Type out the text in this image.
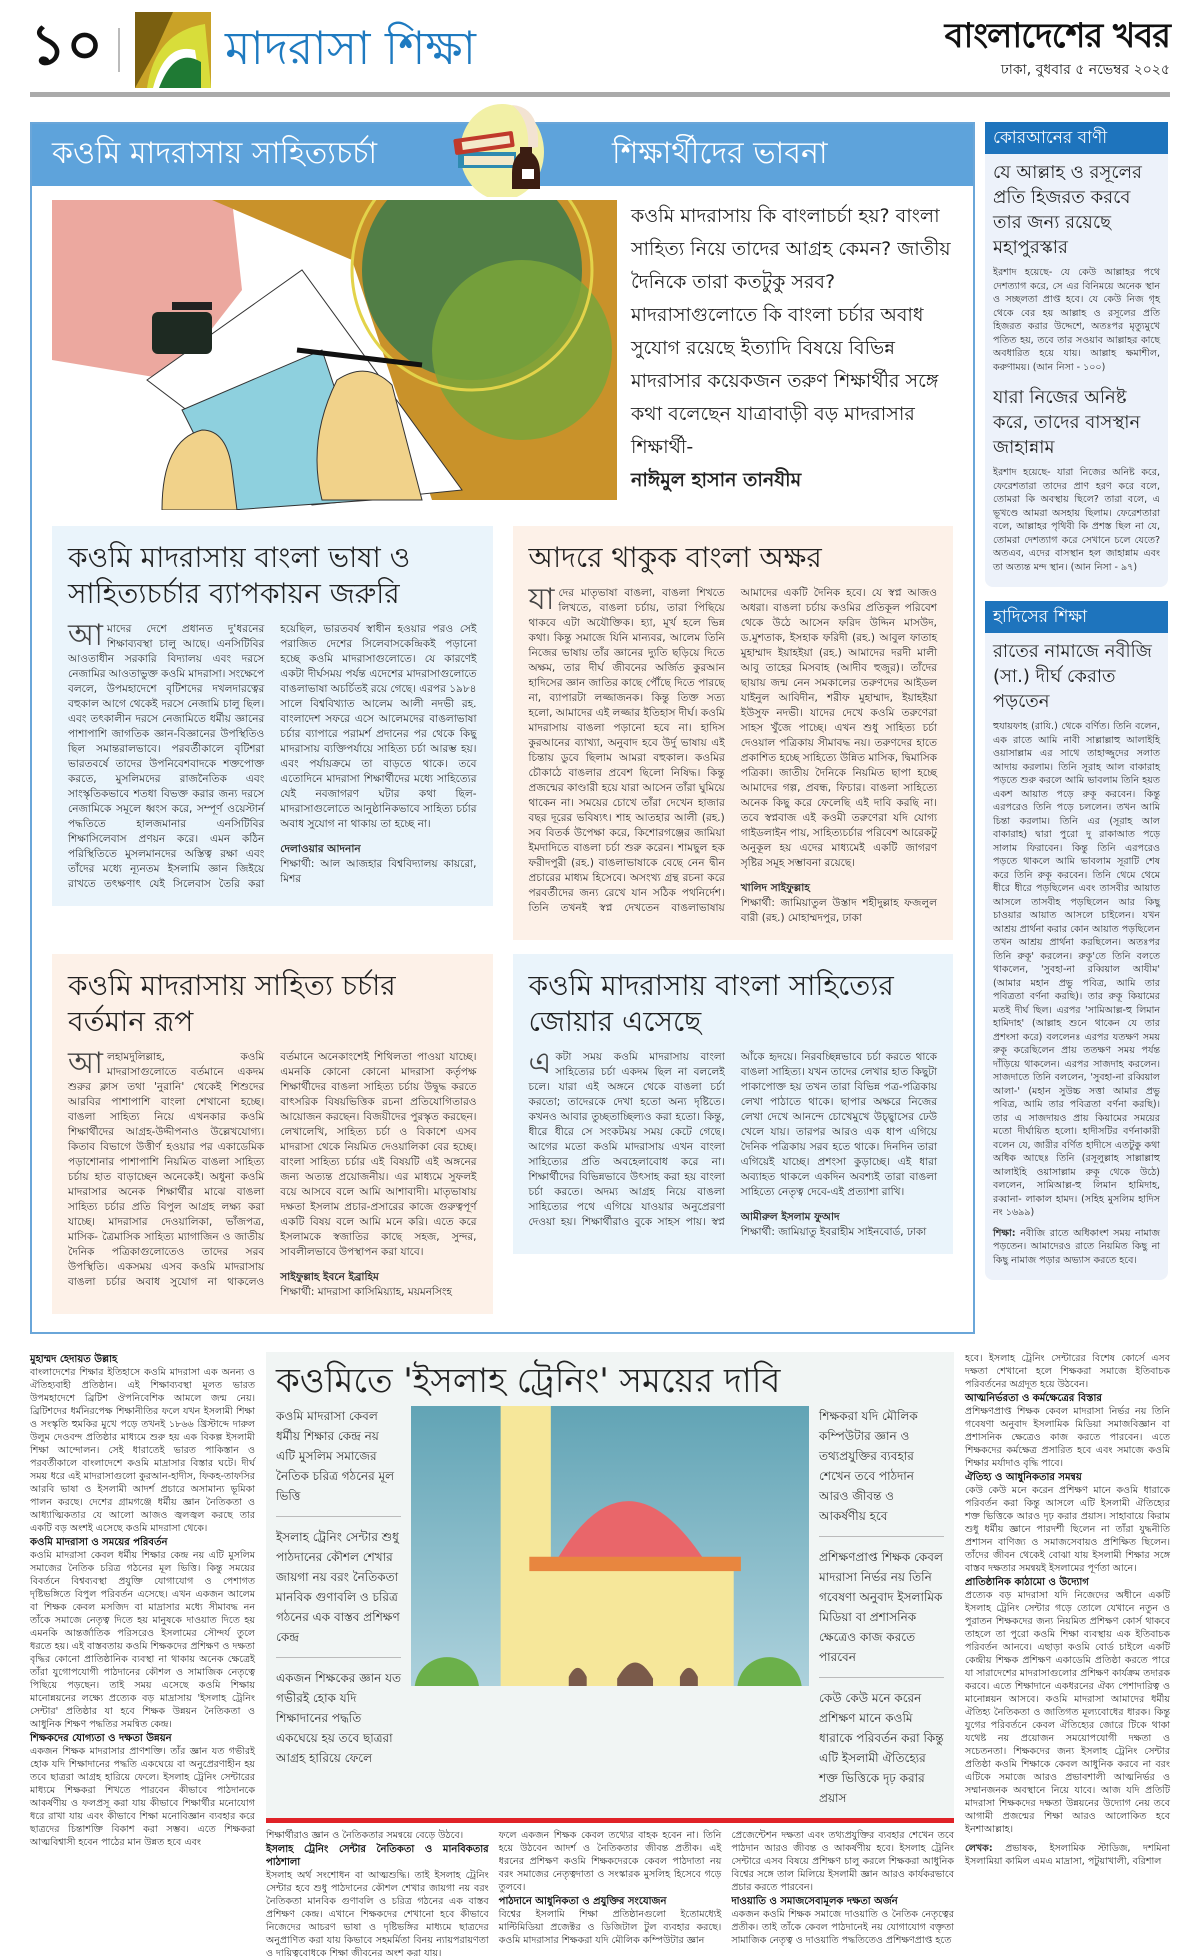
১০	মাদরাসা শিক্ষা	বাংলাদেশের খবর
ঢাকা, বুধবার ৫ নভেম্বর ২০২৫
কওমি মাদরাসায় সাহিত্যচর্চা	শিক্ষার্থীদের ভাবনা
কওমি মাদরাসায় কি বাংলাচর্চা হয়? বাংলা সাহিত্য নিয়ে তাদের আগ্রহ কেমন? জাতীয় দৈনিকে তারা কতটুকু সরব? মাদরাসাগুলোতে কি বাংলা চর্চার অবাধ সুযোগ রয়েছে ইত্যাদি বিষয়ে বিভিন্ন মাদরাসার কয়েকজন তরুণ শিক্ষার্থীর সঙ্গে কথা বলেছেন যাত্রাবাড়ী বড় মাদরাসার শিক্ষার্থী-
নাঈমুল হাসান তানযীম
কওমি মাদরাসায় বাংলা ভাষা ও সাহিত্যচর্চার ব্যাপকায়ন জরুরি
আমাদের দেশে প্রধানত দু'ধরনের শিক্ষাব্যবস্থা চালু আছে। এনসিটিবির আওতাধীন সরকারি বিদ্যালয় এবং দরসে নেজামির আওতাভুক্ত কওমি মাদরাসা। সংক্ষেপে বললে, উপমহাদেশে বৃটিশদের দখলদারত্বের বহুকাল আগে থেকেই দরসে নেজামি চালু ছিল। এবং তৎকালীন দরসে নেজামিতে ধর্মীয় জ্ঞানের পাশাপাশি জাগতিক জ্ঞান-বিজ্ঞানের উপস্থিতিও ছিল সমান্তরালভাবে। পরবর্তীকালে বৃটিশরা ভারতবর্ষে তাদের উপনিবেশবাদকে শক্তপোক্ত করতে, মুসলিমদের রাজনৈতিক এবং সাংস্কৃতিকভাবে শতধা বিভক্ত করার জন্য দরসে নেজামিকে সমূলে ধ্বংস করে, সম্পূর্ণ ওয়েস্টার্ন পদ্ধতিতে হালজমানার এনসিটিবির শিক্ষাসিলেবাস প্রণয়ন করে। এমন কঠিন পরিস্থিতিতে মুসলমানদের অস্তিত্ব রক্ষা এবং তাঁদের মধ্যে ন্যূনতম ইসলামি জ্ঞান জিইয়ে রাখতে তৎক্ষণাৎ যেই সিলেবাস তৈরি করা হয়েছিল, ভারতবর্ষ স্বাধীন হওয়ার পরও সেই পরাজিত দেশের সিলেবাসকেন্দ্রিকই পড়ানো হচ্ছে কওমি মাদরাসাগুলোতে। যে কারণেই একটা দীর্ঘসময় পর্যন্ত এদেশের মাদরাসাগুলোতে বাঙলাভাষা অচর্চিতই রয়ে গেছে। এরপর ১৯৮৪ সালে বিশ্ববিখ্যাত আলেম আলী নদভী রহ. বাংলাদেশ সফরে এসে আলেমদের বাঙলাভাষা চর্চার ব্যাপারে পরামর্শ প্রদানের পর থেকে কিছু মাদরাসায় ব্যক্তিপর্যায়ে সাহিত্য চর্চা আরম্ভ হয়। এবং পর্যায়ক্রমে তা বাড়তে থাকে। তবে এতোদিনে মাদরাসা শিক্ষার্থীদের মধ্যে সাহিত্যের যেই নবজাগরণ ঘটার কথা ছিল- মাদরাসাগুলোতে আনুষ্ঠানিকভাবে সাহিত্য চর্চার অবাধ সুযোগ না থাকায় তা হচ্ছে না।
দেলাওয়ার আদনান
শিক্ষার্থী: আল আজহার বিশ্ববিদ্যালয় কায়রো, মিশর
আদরে থাকুক বাংলা অক্ষর
যাদের মাতৃভাষা বাঙলা, বাঙলা শিখতে লিখতে, বাঙলা চর্চায়, তারা পিছিয়ে থাকবে এটা অযৌক্তিক। হ্যা, মূর্খ হলে ভিন্ন কথা। কিন্তু সমাজে যিনি মান্যবর, আলেম তিনি নিজের ভাষায় তাঁর জ্ঞানের দ্যুতি ছড়িয়ে দিতে অক্ষম, তার দীর্ঘ জীবনের অর্জিত কুরআন হাদিসের জ্ঞান জাতির কাছে পৌঁছে দিতে পারছে না, ব্যাপারটা লজ্জাজনক। কিন্তু তিক্ত সত্য হলো, আমাদের এই লজ্জার ইতিহাস দীর্ঘ। কওমি মাদরাসায় বাঙলা পড়ানো হবে না। হাদিস কুরআনের ব্যাখ্যা, অনুবাদ হবে উর্দু ভাষায় এই চিন্তায় ডুবে ছিলাম আমরা বহুকাল। কওমির চৌকাঠে বাঙলার প্রবেশ ছিলো নিষিদ্ধ। কিন্তু প্রজন্মের কাণ্ডারী হয়ে যারা আসেন তাঁরা ঘুমিয়ে থাকেন না। সময়ের চোখে তাঁরা দেখেন হাজার বছর দূরের ভবিষ্যৎ। শাহ আতহার আলী (রহ.) সব বিতর্ক উপেক্ষা করে, কিশোরগঞ্জের জামিয়া ইমদাদিতে বাঙলা চর্চা শুরু করেন। শামছুল হক ফরীদপুরী (রহ.) বাঙলাভাষাকে বেছে নেন দ্বীন প্রচারের মাধ্যম হিসেবে। অসংখ্য গ্রন্থ রচনা করে পরবর্তীদের জন্য রেখে যান সঠিক পথনির্দেশ। তিনি তখনই স্বপ্ন দেখতেন বাঙলাভাষায় আমাদের একটি দৈনিক হবে। যে স্বপ্ন আজও অধরা। বাঙলা চর্চায় কওমির প্রতিকূল পরিবেশ থেকে উঠে আসেন ফরিদ উদ্দিন মাসউদ, ড.মুশতাক, ইসহাক ফরিদী (রহ.) আবুল ফাতাহ মুহাম্মাদ ইয়াহইয়া (রহ.) আমাদের দরদী মালী আবু তাহের মিসবাহ (আদীব হুজুর)। তাঁদের ছায়ায় জন্ম নেন সমকালের তরুণদের আইডল যাইনুল আবিদীন, শরীফ মুহাম্মাদ, ইয়াহইয়া ইউসুফ নদভী। যাদের দেখে কওমি তরুণেরা সাহস খুঁজে পাচ্ছে। এখন শুধু সাহিত্য চর্চা দেওয়াল পত্রিকায় সীমাবদ্ধ নয়। তরুণদের হাতে প্রকাশিত হচ্ছে সাহিত্যে উন্নিত মাসিক, দ্বিমাসিক পত্রিকা। জাতীয় দৈনিকে নিয়মিত ছাপা হচ্ছে আমাদের গল্প, প্রবন্ধ, ফিচার। বাঙলা সাহিত্যে অনেক কিছু করে ফেলেছি এই দাবি করছি না। তবে স্বপ্নবাজ এই কওমী তরুণেরা যদি যোগ্য গাইডলাইন পায়, সাহিত্যচর্চার পরিবেশ আরেকটু অনুকূল হয় এদের মাধ্যমেই একটি জাগরণ সৃষ্টির সমূহ সম্ভাবনা রয়েছে।
খালিদ সাইফুল্লাহ
শিক্ষার্থী: জামিয়াতুল উস্তাদ শহীদুল্লাহ ফজলুল বারী (রহ.) মোহাম্মদপুর, ঢাকা
কওমি মাদরাসায় সাহিত্য চর্চার বর্তমান রূপ
আলহামদুলিল্লাহ, কওমি মাদরাসাগুলোতে বর্তমানে একদম শুরুর ক্লাস তথা 'নুরানি' থেকেই শিশুদের আরবির পাশাপাশি বাংলা শেখানো হচ্ছে। বাঙলা সাহিত্য নিয়ে এখনকার কওমি শিক্ষার্থীদের আগ্রহ-উদ্দীপনাও উল্লেখযোগ্য। কিতাব বিভাগে উত্তীর্ণ হওয়ার পর একাডেমিক পড়াশোনার পাশাপাশি নিয়মিত বাঙলা সাহিত্য চর্চায় হাত বাড়াচ্ছেন অনেকেই। অধুনা কওমি মাদরাসার অনেক শিক্ষার্থীর মাঝে বাঙলা সাহিত্য চর্চার প্রতি বিপুল আগ্রহ লক্ষ্য করা যাচ্ছে। মাদরাসার দেওয়ালিকা, ভাঁজপত্র, মাসিক- ত্রৈমাসিক সাহিত্য ম্যাগাজিন ও জাতীয় দৈনিক পত্রিকাগুলোতেও তাদের সরব উপস্থিতি। একসময় এসব কওমি মাদরাসায় বাঙলা চর্চার অবাধ সুযোগ না থাকলেও বর্তমানে অনেকাংশেই শিথিলতা পাওয়া যাচ্ছে। এমনকি কোনো কোনো মাদরাসা কর্তৃপক্ষ শিক্ষার্থীদের বাঙলা সাহিত্য চর্চায় উদ্বুদ্ধ করতে বাৎসরিক বিষয়ভিত্তিক রচনা প্রতিযোগিতারও আয়োজন করছেন। বিজয়ীদের পুরস্কৃত করছেন। লেখালেখি, সাহিত্য চর্চা ও বিকাশে এসব মাদরাসা থেকে নিয়মিত দেওয়ালিকা বের হচ্ছে। বাংলা সাহিত্য চর্চার এই বিষয়টি এই অঙ্গনের জন্য অত্যন্ত প্রয়োজনীয়। এর মাধ্যমে সুফলই বয়ে আসবে বলে আমি আশাবাদী। মাতৃভাষায় দক্ষতা ইসলাম প্রচার-প্রসারের কাজে গুরুত্বপূর্ণ একটি বিষয় বলে আমি মনে করি। এতে করে ইসলামকে স্বজাতির কাছে সহজ, সুন্দর, সাবলীলভাবে উপস্থাপন করা যাবে।
সাইফুল্লাহ ইবনে ইব্রাহিম
শিক্ষার্থী: মাদরাসা কাসিমিয়্যাহ, ময়মনসিংহ
কওমি মাদরাসায় বাংলা সাহিত্যের জোয়ার এসেছে
একটা সময় কওমি মাদরাসায় বাংলা সাহিত্যের চর্চা একদম ছিল না বললেই চলে। যারা এই অঙ্গনে থেকে বাঙলা চর্চা করতো; তাদেরকে দেখা হতো অন্য দৃষ্টিতে। কখনও আবার তুচ্ছতাচ্ছিল্যও করা হতো। কিন্তু, ধীরে ধীরে সে সংকটময় সময় কেটে গেছে। আগের মতো কওমি মাদরাসায় এখন বাংলা সাহিত্যের প্রতি অবহেলাবোধ করে না। শিক্ষার্থীদের বিভিন্নভাবে উৎসাহ করা হয় বাংলা চর্চা করতে। অদম্য আগ্রহ নিয়ে বাঙলা সাহিত্যের পথে এগিয়ে যাওয়ার অনুপ্রেরণা দেওয়া হয়। শিক্ষার্থীরাও বুকে সাহস পায়। স্বপ্ন আঁকে হৃদয়ে। নিরবচ্ছিন্নভাবে চর্চা করতে থাকে বাঙলা সাহিত্য। যখন তাদের লেখার হাত কিছুটা পাকাপোক্ত হয় তখন তারা বিভিন্ন পত্র-পত্রিকায় লেখা পাঠাতে থাকে। ছাপার অক্ষরে নিজের লেখা দেখে আনন্দে চোখেমুখে উচ্ছ্বাসের ঢেউ খেলে যায়। তারপর আরও এক ধাপ এগিয়ে দৈনিক পত্রিকায় সরব হতে থাকে। দিনদিন তারা এগিয়েই যাচ্ছে। প্রশংসা কুড়াচ্ছে। এই ধারা অব্যাহত থাকলে একদিন অবশ্যই তারা বাঙলা সাহিত্যে নেতৃত্ব দেবে-এই প্রত্যাশা রাখি।
আমীরুল ইসলাম ফুআদ
শিক্ষার্থী: জামিয়াতু ইবরাহীম সাইনবোর্ড, ঢাকা
কোরআনের বাণী
যে আল্লাহ ও রসূলের প্রতি হিজরত করবে তার জন্য রয়েছে মহাপুরস্কার

ইরশাদ হয়েছে- যে কেউ আল্লাহর পথে দেশত্যাগ করে, সে এর বিনিময়ে অনেক স্থান ও সচ্ছলতা প্রাপ্ত হবে। যে কেউ নিজ গৃহ থেকে বের হয় আল্লাহ ও রসূলের প্রতি হিজরত করার উদ্দেশে, অতঃপর মৃত্যুমুখে পতিত হয়, তবে তার সওয়াব আল্লাহর কাছে অবধারিত হয়ে যায়। আল্লাহ ক্ষমাশীল, করুণাময়। (আন নিসা - ১০০)

যারা নিজের অনিষ্ট করে, তাদের বাসস্থান জাহান্নাম

ইরশাদ হয়েছে- যারা নিজের অনিষ্ট করে, ফেরেশতারা তাদের প্রাণ হরণ করে বলে, তোমরা কি অবস্থায় ছিলে? তারা বলে, এ ভূখণ্ডে আমরা অসহায় ছিলাম। ফেরেশতারা বলে, আল্লাহর পৃথিবী কি প্রশস্ত ছিল না যে, তোমরা দেশত্যাগ করে সেখানে চলে যেতে? অতএব, এদের বাসস্থান হল জাহান্নাম এবং তা অত্যন্ত মন্দ স্থান। (আন নিসা - ৯৭)

হাদিসের শিক্ষা
রাতের নামাজে নবীজি (সা.) দীর্ঘ কেরাত পড়তেন

হুযায়ফাহ (রাযি.) থেকে বর্ণিত। তিনি বলেন, এক রাতে আমি নাবী সাল্লাল্লাহু আলাইহি ওয়াসাল্লাম এর সাথে তাহাজ্জুদের সলাত আদায় করলাম। তিনি সূরাহ আল বাকারাহ পড়তে শুরু করলে আমি ভাবলাম তিনি হয়ত একশ আয়াত পড়ে রুকূ করবেন। কিন্তু এরপরেও তিনি পড়ে চললেন। তখন আমি চিন্তা করলাম। তিনি এর (সূরাহ আল বাকারাহ) দ্বারা পুরো দু রাকাআত পড়ে সালাম ফিরাবেন। কিন্তু তিনি এরপরেও পড়তে থাকলে আমি ভাবলাম সূরাটি শেষ করে তিনি রুকূ করবেন। তিনি থেমে থেমে ধীরে ধীরে পড়ছিলেন এবং তাসবীর আয়াত আসলে তাসবীহ পড়ছিলেন আর কিছু চাওয়ার আয়াত আসলে চাইলেন। যখন আশ্রয় প্রার্থনা করার কোন আয়াত পড়ছিলেন তখন আশ্রয় প্রার্থনা করছিলেন। অতঃপর তিনি রুকূ' করলেন। রুকূ'তে তিনি বলতে থাকলেন, 'সুবহা-না রব্বিয়াল আযীম' (আমার মহান প্রভু পবিত্র, আমি তার পবিত্রতা বর্ণনা করছি)। তার রুকূ কিয়ামের মতই দীর্ঘ ছিল। এরপর 'সামিআল্ল-হু লিমান হামিদাহ' (আল্লাহ শুনে থাকেন যে তার প্রশংসা করে) বললেনঃ এরপর যতক্ষণ সময় রুকূ করেছিলেন প্রায় ততক্ষণ সময় পর্যন্ত দাঁড়িয়ে থাকলেন। এরপর সাজদাহ করলেন। সাজদাতে তিনি বললেন, 'সুবহা-না রব্বিয়াল আলা-' (মহান সুউচ্চ সত্তা আমার প্রভু পবিত্র, আমি তার পবিত্রতা বর্ণনা করছি)। তার এ সাজদায়ও প্রায় কিয়ামের সময়ের মতো দীর্ঘায়িত হলো। হাদীসটির বর্ণনাকারী বলেন যে, জারীর বর্ণিত হাদীসে এতটুকু কথা অধিক আছেঃ তিনি (রসূলুল্লাহ সাল্লাল্লাহু আলাইহি ওয়াসাল্লাম রুকূ থেকে উঠে) বললেন, সামিআল্ল-হু লিমান হামিদাহ, রব্বানা- লাকাল হামদ। (সহিহ মুসলিম হাদিস নং ১৬৯৯)

শিক্ষা: নবীজি রাতে অধিকাংশ সময় নামাজ পড়তেন। আমাদেরও রাতে নিয়মিত কিছু না কিছু নামাজ পড়ার অভ্যাস করতে হবে।

মুহাম্মদ হেদায়ত উল্লাহ

বাংলাদেশের শিক্ষার ইতিহাসে কওমি মাদরাসা এক অনন্য ও ঐতিহ্যবাহী প্রতিষ্ঠান। এই শিক্ষাব্যবস্থা মূলত ভারত উপমহাদেশে ব্রিটিশ ঔপনিবেশিক আমলে জন্ম নেয়। ব্রিটিশদের ধর্মনিরপেক্ষ শিক্ষানীতির ফলে যখন ইসলামী শিক্ষা ও সংস্কৃতি হুমকির মুখে পড়ে তখনই ১৮৬৬ খ্রিস্টাব্দে দারুল উলুম দেওবন্দ প্রতিষ্ঠার মাধ্যমে শুরু হয় এক বিকল্প ইসলামী শিক্ষা আন্দোলন। সেই ধারাতেই ভারত পাকিস্তান ও পরবর্তীকালে বাংলাদেশে কওমি মাদ্রাসার বিস্তার ঘটে। দীর্ঘ সময় ধরে এই মাদরাসাগুলো কুরআন-হাদীস, ফিকহ-তাফসির আরবি ভাষা ও ইসলামী আদর্শ প্রচারে অসামান্য ভূমিকা পালন করছে। দেশের গ্রামগঞ্জে ধর্মীয় জ্ঞান নৈতিকতা ও আধ্যাত্মিকতার যে আলো আজও জ্বলজ্বল করছে তার একটি বড় অংশই এসেছে কওমি মাদরাসা থেকে।

কওমি মাদরাসা ও সময়ের পরিবর্তন

কওমি মাদরাসা কেবল ধর্মীয় শিক্ষার কেন্দ্র নয় এটি মুসলিম সমাজের নৈতিক চরিত্র গঠনের মূল ভিত্তি। কিন্তু সময়ের বিবর্তনে বিশ্বব্যবস্থা প্রযুক্তি যোগাযোগ ও পেশাগত দৃষ্টিভঙ্গিতে বিপুল পরিবর্তন এসেছে। এখন একজন আলেম বা শিক্ষক কেবল মসজিদ বা মাদ্রাসার মধ্যে সীমাবদ্ধ নন তাঁকে সমাজে নেতৃত্ব দিতে হয় মানুষকে দাওয়াত দিতে হয় এমনকি আন্তর্জাতিক পরিসরেও ইসলামের সৌন্দর্য তুলে ধরতে হয়। এই বাস্তবতায় কওমি শিক্ষকদের প্রশিক্ষণ ও দক্ষতা বৃদ্ধির কোনো প্রাতিষ্ঠানিক ব্যবস্থা না থাকায় অনেক ক্ষেত্রেই তাঁরা যুগোপযোগী পাঠদানের কৌশল ও সামাজিক নেতৃত্বে পিছিয়ে পড়ছেন। তাই সময় এসেছে কওমি শিক্ষায় মানোন্নয়নের লক্ষ্যে প্রত্যেক বড় মাদ্রাসায় 'ইসলাহ ট্রেনিং সেন্টার' প্রতিষ্ঠার যা হবে শিক্ষক উন্নয়ন নৈতিকতা ও আধুনিক শিক্ষণ পদ্ধতির সমন্বিত কেন্দ্র।

শিক্ষকদের যোগ্যতা ও দক্ষতা উন্নয়ন

একজন শিক্ষক মাদরাসার প্রাণশক্তি। তাঁর জ্ঞান যত গভীরই হোক যদি শিক্ষাদানের পদ্ধতি একঘেয়ে বা অনুপ্রেরণাহীন হয় তবে ছাত্ররা আগ্রহ হারিয়ে ফেলে। ইসলাহ ট্রেনিং সেন্টারের মাধ্যমে শিক্ষকরা শিখতে পারবেন কীভাবে পাঠদানকে আকর্ষণীয় ও ফলপ্রসূ করা যায় কীভাবে শিক্ষার্থীর মনোযোগ ধরে রাখা যায় এবং কীভাবে শিক্ষা মনোবিজ্ঞান ব্যবহার করে ছাত্রদের চিন্তাশক্তি বিকাশ করা সম্ভব। এতে শিক্ষকরা আত্মবিশ্বাসী হবেন পাঠের মান উন্নত হবে এবং

কওমিতে 'ইসলাহ ট্রেনিং' সময়ের দাবি
কওমি মাদরাসা কেবল ধর্মীয় শিক্ষার কেন্দ্র নয় এটি মুসলিম সমাজের নৈতিক চরিত্র গঠনের মূল ভিত্তি
ইসলাহ ট্রেনিং সেন্টার শুধু পাঠদানের কৌশল শেখার জায়গা নয় বরং নৈতিকতা মানবিক গুণাবলি ও চরিত্র গঠনের এক বাস্তব প্রশিক্ষণ কেন্দ্র
একজন শিক্ষকের জ্ঞান যত গভীরই হোক যদি শিক্ষাদানের পদ্ধতি একঘেয়ে হয় তবে ছাত্ররা আগ্রহ হারিয়ে ফেলে
শিক্ষকরা যদি মৌলিক কম্পিউটার জ্ঞান ও তথ্যপ্রযুক্তির ব্যবহার শেখেন তবে পাঠদান আরও জীবন্ত ও আকর্ষণীয় হবে
প্রশিক্ষণপ্রাপ্ত শিক্ষক কেবল মাদরাসা নির্ভর নয় তিনি গবেষণা অনুবাদ ইসলামিক মিডিয়া বা প্রশাসনিক ক্ষেত্রেও কাজ করতে পারবেন
কেউ কেউ মনে করেন প্রশিক্ষণ মানে কওমি ধারাকে পরিবর্তন করা কিন্তু এটি ইসলামী ঐতিহ্যের শক্ত ভিত্তিকে দৃঢ় করার প্রয়াস

শিক্ষার্থীরাও জ্ঞান ও নৈতিকতার সমন্বয়ে বেড়ে উঠবে।

ইসলাহ ট্রেনিং সেন্টার নৈতিকতা ও মানবিকতার পাঠশালা

ইসলাহ অর্থ সংশোধন বা আত্মশুদ্ধি। তাই ইসলাহ ট্রেনিং সেন্টার হবে শুধু পাঠদানের কৌশল শেখার জায়গা নয় বরং নৈতিকতা মানবিক গুণাবলি ও চরিত্র গঠনের এক বাস্তব প্রশিক্ষণ কেন্দ্র। এখানে শিক্ষকদের শেখানো হবে কীভাবে নিজেদের আচরণ ভাষা ও দৃষ্টিভঙ্গির মাধ্যমে ছাত্রদের অনুপ্রাণিত করা যায় কিভাবে সহমর্মিতা বিনয় ন্যায়পরায়ণতা ও দায়িত্ববোধকে শিক্ষা জীবনের অংশ করা যায়।

ফলে একজন শিক্ষক কেবল তথ্যের বাহক হবেন না। তিনি হয়ে উঠবেন আদর্শ ও নৈতিকতার জীবন্ত প্রতীক। এই ধরনের প্রশিক্ষণ কওমি শিক্ষকদেরকে কেবল পাঠদাতা নয় বরং সমাজের নেতৃত্বদাতা ও সংস্কারক মুসলিহ হিসেবে গড়ে তুলবে।

পাঠদানে আধুনিকতা ও প্রযুক্তির সংযোজন

বিশ্বের ইসলামি শিক্ষা প্রতিষ্ঠানগুলো ইতোমধ্যেই মাল্টিমিডিয়া প্রজেক্টর ও ডিজিটাল টুল ব্যবহার করছে। কওমি মাদরাসার শিক্ষকরা যদি মৌলিক কম্পিউটার জ্ঞান

প্রেজেন্টেশন দক্ষতা এবং তথ্যপ্রযুক্তির ব্যবহার শেখেন তবে পাঠদান আরও জীবন্ত ও আকর্ষণীয় হবে। ইসলাহ ট্রেনিং সেন্টারে এসব বিষয়ে প্রশিক্ষণ চালু করলে শিক্ষকরা আধুনিক বিশ্বের সঙ্গে তাল মিলিয়ে ইসলামী জ্ঞান আরও কার্যকরভাবে প্রচার করতে পারবেন।

দাওয়াতি ও সমাজসেবামূলক দক্ষতা অর্জন

একজন কওমি শিক্ষক সমাজে দাওয়াতি ও নৈতিক নেতৃত্বের প্রতীক। তাই তাঁকে কেবল পাঠদানেই নয় যোগাযোগ বক্তৃতা সামাজিক নেতৃত্ব ও দাওয়াতি পদ্ধতিতেও প্রশিক্ষণপ্রাপ্ত হতে

হবে। ইসলাহ ট্রেনিং সেন্টারের বিশেষ কোর্সে এসব দক্ষতা শেখানো হলে শিক্ষকরা সমাজে ইতিবাচক পরিবর্তনের অগ্রদূত হয়ে উঠবেন।

আত্মনির্ভরতা ও কর্মক্ষেত্রের বিস্তার

প্রশিক্ষণপ্রাপ্ত শিক্ষক কেবল মাদরাসা নির্ভর নয় তিনি গবেষণা অনুবাদ ইসলামিক মিডিয়া সমাজবিজ্ঞান বা প্রশাসনিক ক্ষেত্রেও কাজ করতে পারবেন। এতে শিক্ষকদের কর্মক্ষেত্র প্রসারিত হবে এবং সমাজে কওমি শিক্ষার মর্যাদাও বৃদ্ধি পাবে।

ঐতিহ্য ও আধুনিকতার সমন্বয়

কেউ কেউ মনে করেন প্রশিক্ষণ মানে কওমি ধারাকে পরিবর্তন করা কিন্তু আসলে এটি ইসলামী ঐতিহ্যের শক্ত ভিত্তিকে আরও দৃঢ় করার প্রয়াস। সাহাবায়ে কিরাম শুধু ধর্মীয় জ্ঞানে পারদর্শী ছিলেন না তাঁরা যুদ্ধনীতি প্রশাসন বাণিজ্য ও সমাজসেবায়ও প্রশিক্ষিত ছিলেন। তাঁদের জীবন থেকেই বোঝা যায় ইসলামী শিক্ষার সঙ্গে বাস্তব দক্ষতার সমন্বয়ই ইসলামের পূর্ণতা আনে।

প্রাতিষ্ঠানিক কাঠামো ও উদ্যোগ

প্রত্যেক বড় মাদরাসা যদি নিজেদের অধীনে একটি ইসলাহ ট্রেনিং সেন্টার গড়ে তোলে যেখানে নতুন ও পুরাতন শিক্ষকদের জন্য নিয়মিত প্রশিক্ষণ কোর্স থাকবে তাহলে তা পুরো কওমি শিক্ষা ব্যবস্থায় এক ইতিবাচক পরিবর্তন আনবে। এছাড়া কওমি বোর্ড চাইলে একটি কেন্দ্রীয় শিক্ষক প্রশিক্ষণ একাডেমি প্রতিষ্ঠা করতে পারে যা সারাদেশের মাদরাসাগুলোর প্রশিক্ষণ কার্যক্রম তদারক করবে। এতে শিক্ষাদানে একধরনের ঐক্য পেশাদারিত্ব ও মানোন্নয়ন আসবে। কওমি মাদরাসা আমাদের ধর্মীয় ঐতিহ্য নৈতিকতা ও জাতিগত মূল্যবোধের ধারক। কিন্তু যুগের পরিবর্তনে কেবল ঐতিহ্যের জোরে টিকে থাকা যথেষ্ট নয় প্রয়োজন সময়োপযোগী দক্ষতা ও সচেতনতা। শিক্ষকদের জন্য ইসলাহ ট্রেনিং সেন্টার প্রতিষ্ঠা কওমি শিক্ষাকে কেবল আধুনিক করবে না বরং এটিকে সমাজে আরও প্রভাবশালী আত্মনির্ভর ও সম্মানজনক অবস্থানে নিয়ে যাবে। আজ যদি প্রতিটি মাদরাসা শিক্ষকদের দক্ষতা উন্নয়নের উদ্যোগ নেয় তবে আগামী প্রজন্মের শিক্ষা আরও আলোকিত হবে ইনশাআল্লাহ।

লেখক: প্রভাষক, ইসলামিক স্টাডিজ, দশমিনা ইসলামিয়া কামিল এমএ মাদ্রাসা, পটুয়াখালী, বরিশাল
